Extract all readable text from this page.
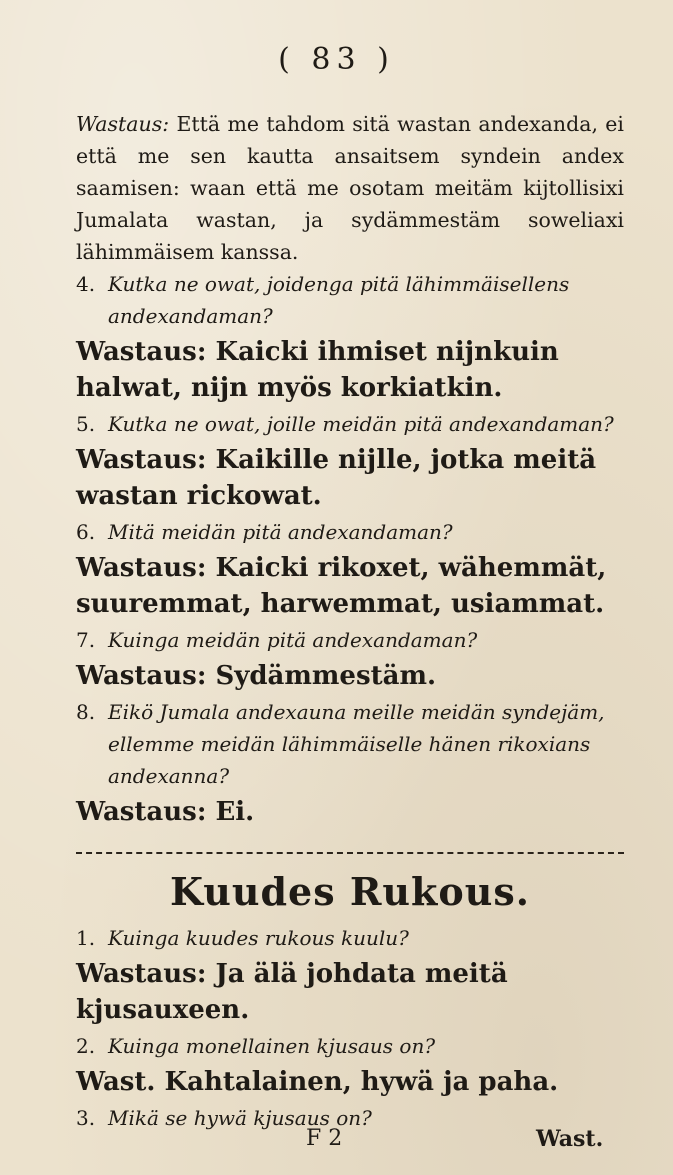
( 83 )

Wastaus: Että me tahdom sitä wastan andexanda, ei että me sen kautta ansaitsem syndein andex saamisen: waan että me osotam meitäm kijtollisixi Jumalata wastan, ja sydämmestäm soweliaxi lähimmäisem kanssa.

4. Kutka ne owat, joidenga pitä lähimmäisellens andexandaman?
Wastaus: Kaicki ihmiset nijnkuin halwat, nijn myös korkiatkin.
5. Kutka ne owat, joille meidän pitä andexandaman?
Wastaus: Kaikille nijlle, jotka meitä wastan rickowat.
6. Mitä meidän pitä andexandaman?
Wastaus: Kaicki rikoxet, wähemmät, suuremmat, harwemmat, usiammat.
7. Kuinga meidän pitä andexandaman?
Wastaus: Sydämmestäm.
8. Eikö Jumala andexauna meille meidän syndejäm, ellemme meidän lähimmäiselle hänen rikoxians andexanna?
Wastaus: Ei.
Kuudes Rukous.
1. Kuinga kuudes rukous kuulu?
Wastaus: Ja älä johdata meitä kjusauxeen.
2. Kuinga monellainen kjusaus on?
Wast. Kahtalainen, hywä ja paha.
3. Mikä se hywä kjusaus on?
F 2	Wast.
